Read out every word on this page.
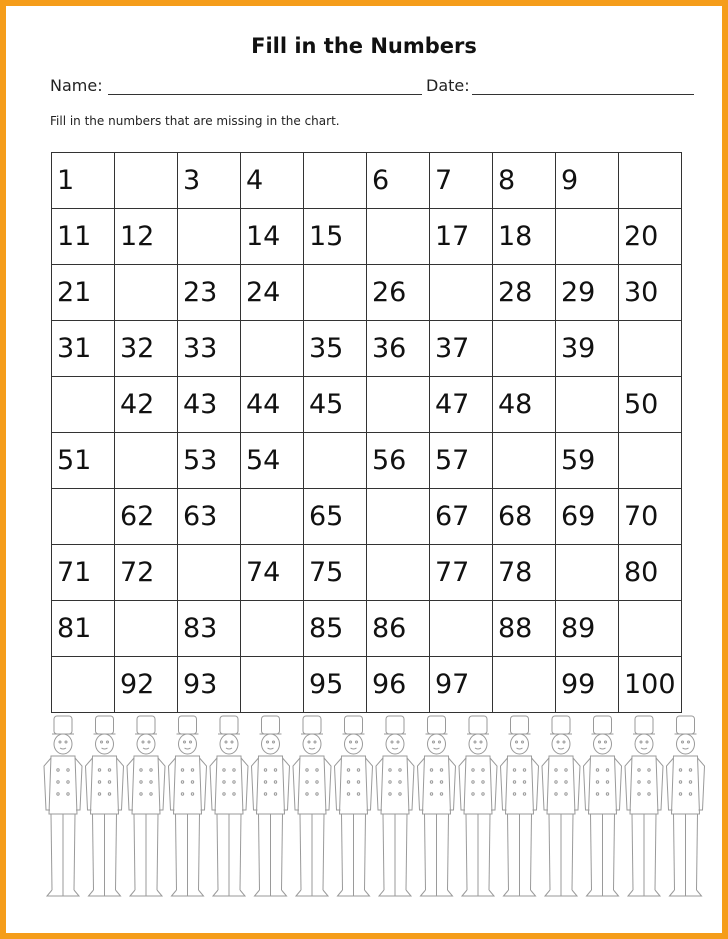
Fill in the Numbers
Name:	Date:
Fill in the numbers that are missing in the chart.
1		3	4		6	7	8	9	
11	12		14	15		17	18		20
21		23	24		26		28	29	30
31	32	33		35	36	37		39	
	42	43	44	45		47	48		50
51		53	54		56	57		59	
	62	63		65		67	68	69	70
71	72		74	75		77	78		80
81		83		85	86		88	89	
	92	93		95	96	97		99	100
